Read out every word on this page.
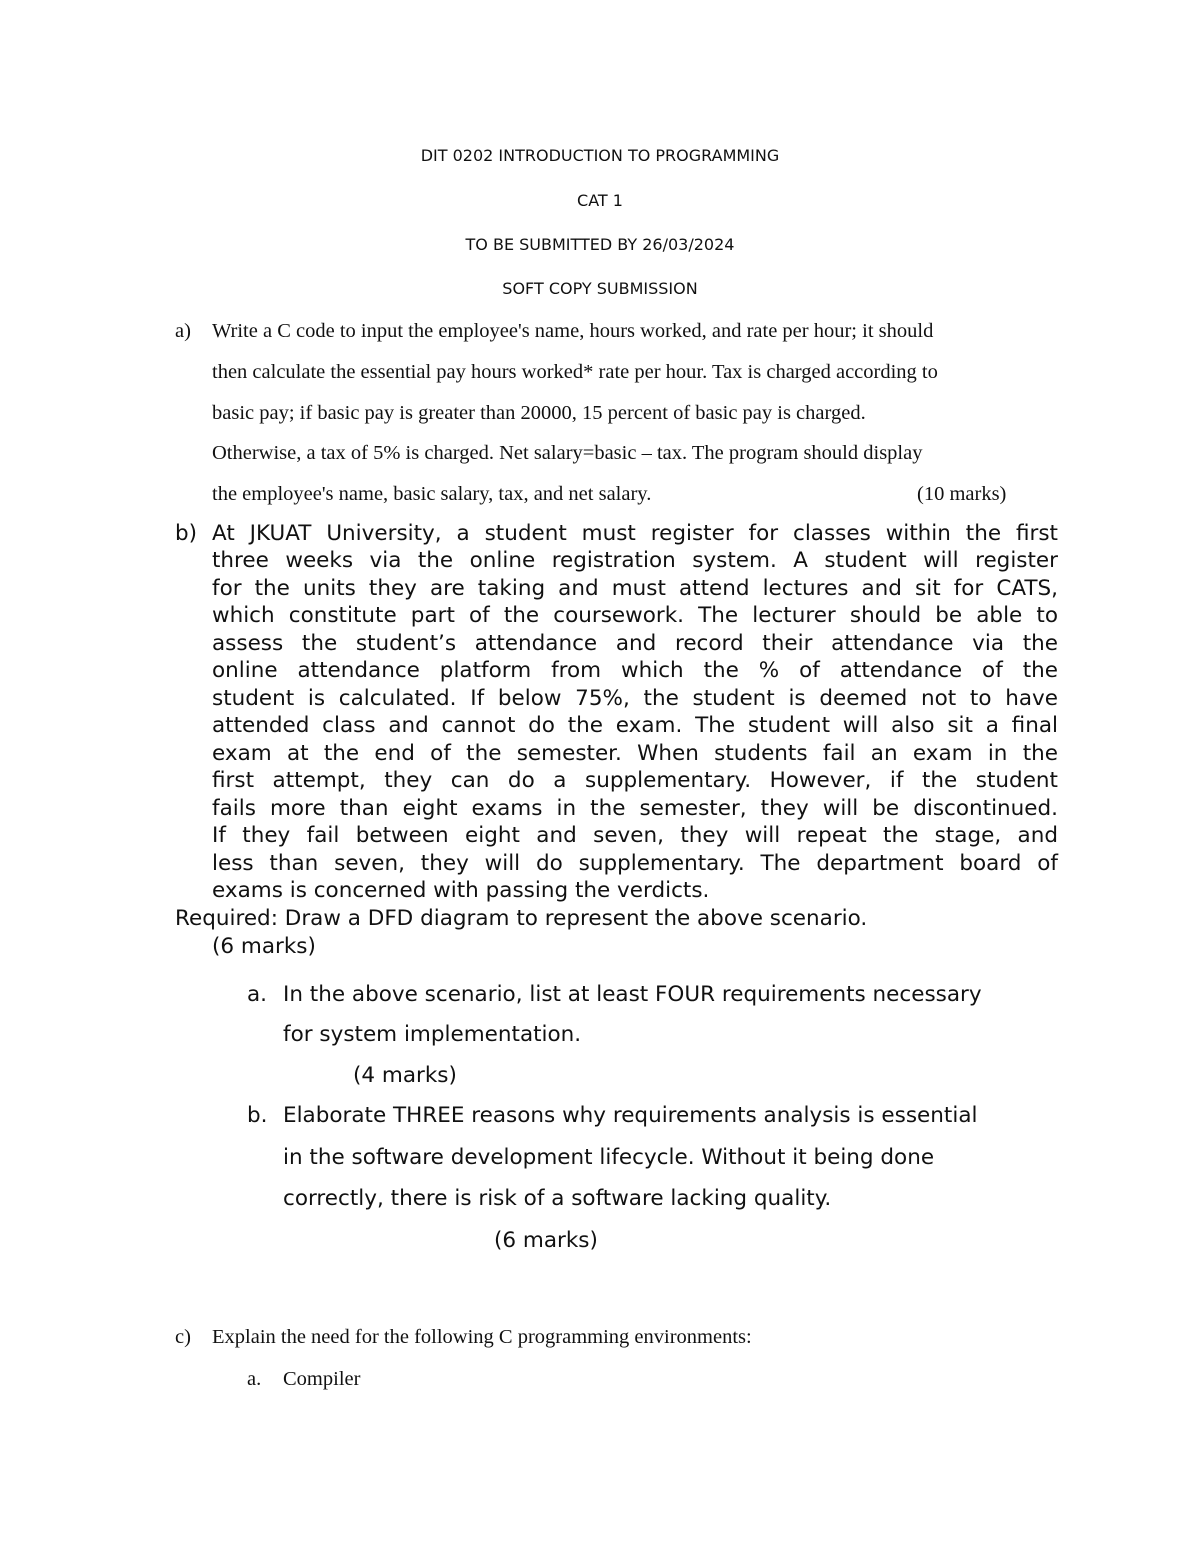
DIT 0202 INTRODUCTION TO PROGRAMMING

CAT 1

TO BE SUBMITTED BY 26/03/2024

SOFT COPY SUBMISSION

a) Write a C code to input the employee's name, hours worked, and rate per hour; it should
then calculate the essential pay hours worked* rate per hour. Tax is charged according to
basic pay; if basic pay is greater than 20000, 15 percent of basic pay is charged.
Otherwise, a tax of 5% is charged. Net salary=basic – tax. The program should display
the employee's name, basic salary, tax, and net salary.	(10 marks)
b) At JKUAT University, a student must register for classes within the first
three weeks via the online registration system. A student will register
for the units they are taking and must attend lectures and sit for CATS,
which constitute part of the coursework. The lecturer should be able to
assess the student’s attendance and record their attendance via the
online attendance platform from which the % of attendance of the
student is calculated. If below 75%, the student is deemed not to have
attended class and cannot do the exam. The student will also sit a final
exam at the end of the semester. When students fail an exam in the
first attempt, they can do a supplementary. However, if the student
fails more than eight exams in the semester, they will be discontinued.
If they fail between eight and seven, they will repeat the stage, and
less than seven, they will do supplementary. The department board of
exams is concerned with passing the verdicts.
Required: Draw a DFD diagram to represent the above scenario.
(6 marks)
a. In the above scenario, list at least FOUR requirements necessary
for system implementation.
(4 marks)
b. Elaborate THREE reasons why requirements analysis is essential
in the software development lifecycle. Without it being done
correctly, there is risk of a software lacking quality.
(6 marks)
c) Explain the need for the following C programming environments:
a. Compiler
